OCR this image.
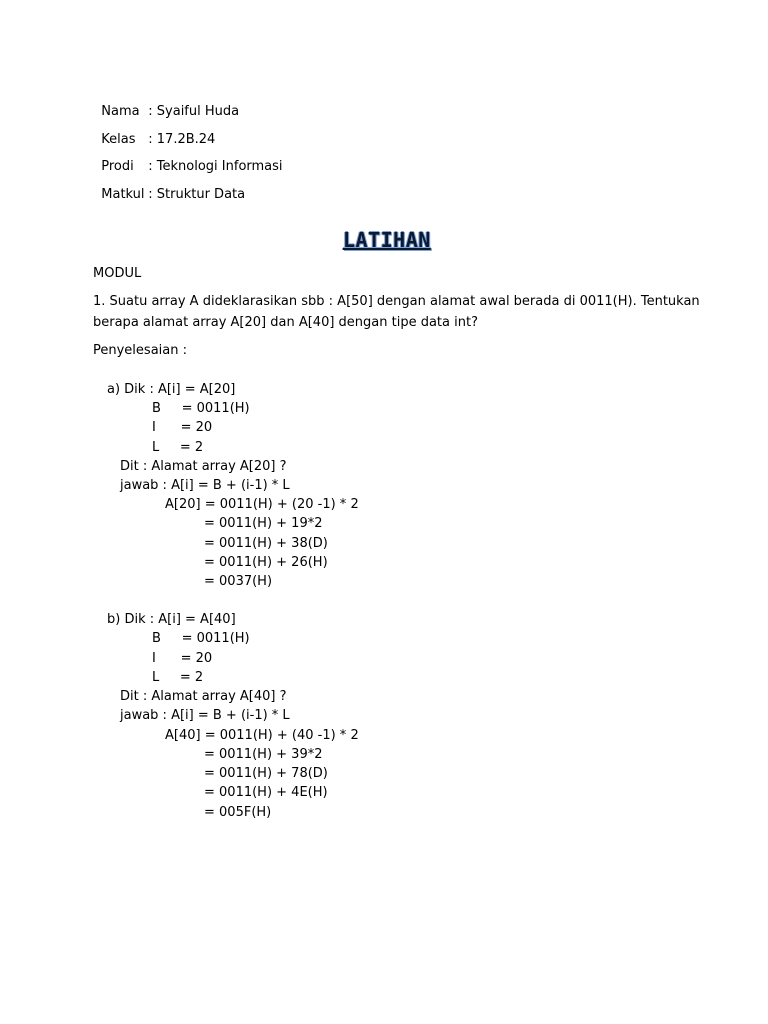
Nama : Syaiful Huda

Kelas : 17.2B.24

Prodi : Teknologi Informasi

Matkul : Struktur Data

LATIHAN
MODUL
1. Suatu array A dideklarasikan sbb : A[50] dengan alamat awal berada di 0011(H). Tentukan
berapa alamat array A[20] dan A[40] dengan tipe data int?
Penyelesaian :
a) Dik : A[i] = A[20]
B     = 0011(H)
I      = 20
L     = 2
Dit : Alamat array A[20] ?
jawab : A[i] = B + (i-1) * L
A[20] = 0011(H) + (20 -1) * 2
= 0011(H) + 19*2
= 0011(H) + 38(D)
= 0011(H) + 26(H)
= 0037(H)
b) Dik : A[i] = A[40]
B     = 0011(H)
I      = 20
L     = 2
Dit : Alamat array A[40] ?
jawab : A[i] = B + (i-1) * L
A[40] = 0011(H) + (40 -1) * 2
= 0011(H) + 39*2
= 0011(H) + 78(D)
= 0011(H) + 4E(H)
= 005F(H)
